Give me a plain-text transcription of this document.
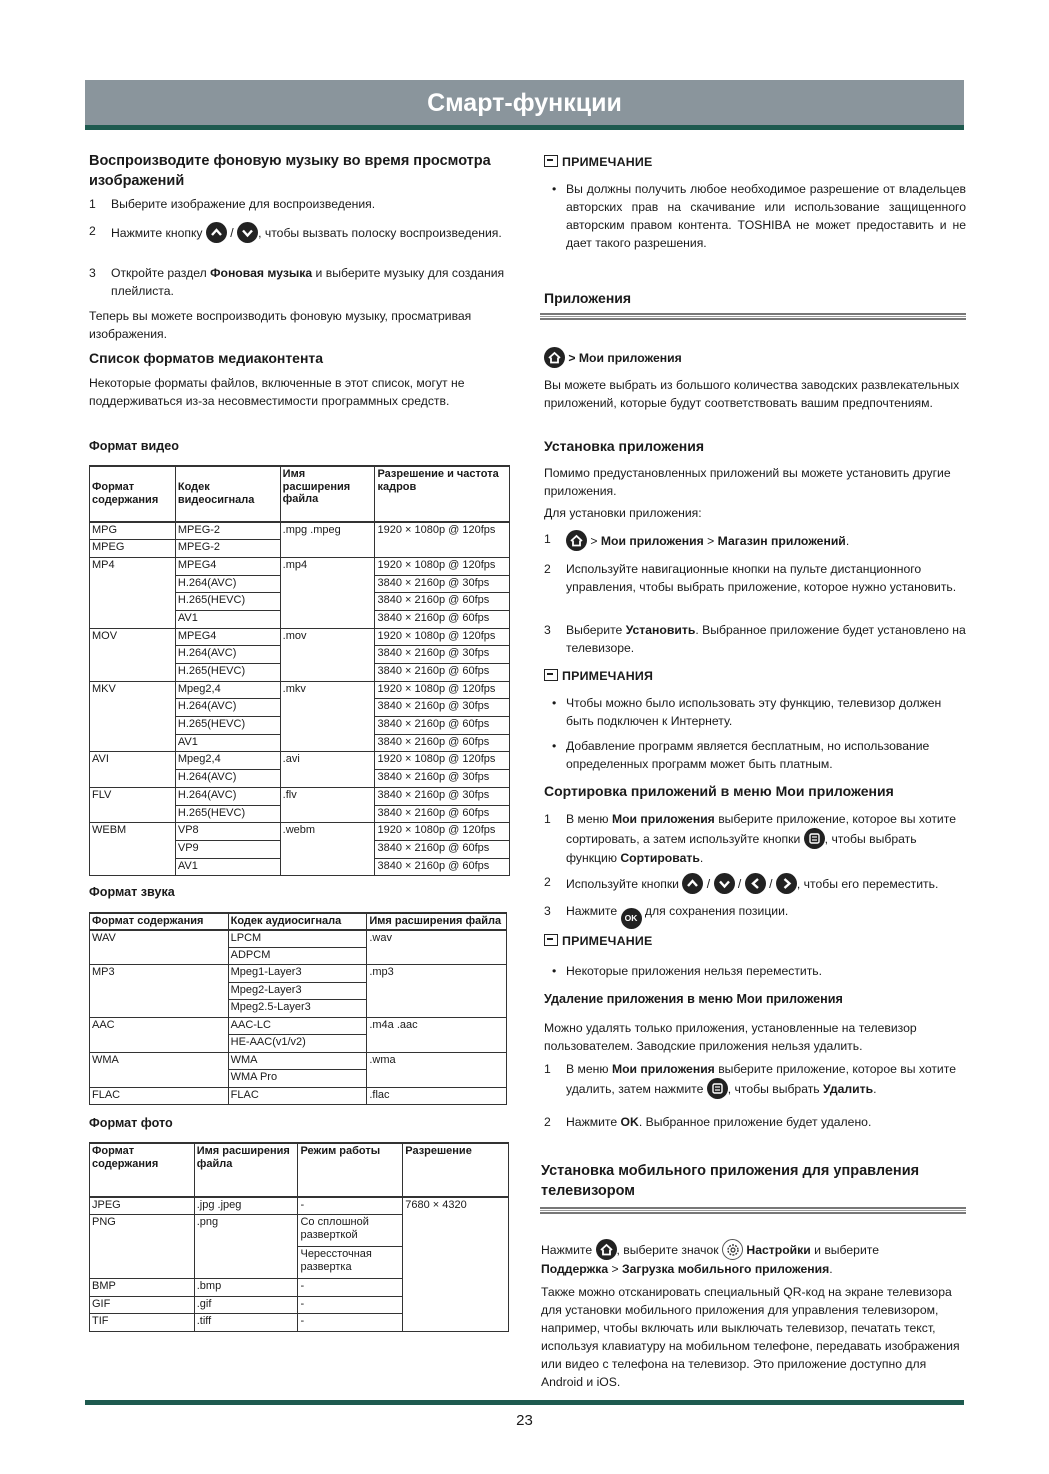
Смарт-функции
Воспроизводите фоновую музыку во время просмотра изображений
1 Выберите изображение для воспроизведения.
2 Нажмите кнопку
/
, чтобы вызвать полоску воспроизведения.
3 Откройте раздел Фоновая музыка и выберите музыку для создания плейлиста.
Теперь вы можете воспроизводить фоновую музыку, просматривая изображения.
Список форматов медиаконтента
Некоторые форматы файлов, включенные в этот список, могут не поддерживаться из-за несовместимости программных средств.
Формат видео
Формат содержания	Кодек видеосигнала	Имя расширения файла	Разрешение и частота кадров
MPG	MPEG-2	.mpg .mpeg	1920 × 1080p @ 120fps
MPEG	MPEG-2		
MP4	MPEG4	.mp4	1920 × 1080p @ 120fps
	H.264(AVC)		3840 × 2160p @ 30fps
	H.265(HEVC)		3840 × 2160p @ 60fps
	AV1		3840 × 2160p @ 60fps
MOV	MPEG4	.mov	1920 × 1080p @ 120fps
	H.264(AVC)		3840 × 2160p @ 30fps
	H.265(HEVC)		3840 × 2160p @ 60fps
MKV	Mpeg2,4	.mkv	1920 × 1080p @ 120fps
	H.264(AVC)		3840 × 2160p @ 30fps
	H.265(HEVC)		3840 × 2160p @ 60fps
	AV1		3840 × 2160p @ 60fps
AVI	Mpeg2,4	.avi	1920 × 1080p @ 120fps
	H.264(AVC)		3840 × 2160p @ 30fps
FLV	H.264(AVC)	.flv	3840 × 2160p @ 30fps
	H.265(HEVC)		3840 × 2160p @ 60fps
WEBM	VP8	.webm	1920 × 1080p @ 120fps
	VP9		3840 × 2160p @ 60fps
	AV1		3840 × 2160p @ 60fps
Формат звука
Формат содержания	Кодек аудиосигнала	Имя расширения файла
WAV	LPCM	.wav
	ADPCM	
MP3	Mpeg1-Layer3	.mp3
	Mpeg2-Layer3	
	Mpeg2.5-Layer3	
AAC	AAC-LC	.m4a .aac
	HE-AAC(v1/v2)	
WMA	WMA	.wma
	WMA Pro	
FLAC	FLAC	.flac
Формат фото
Формат содержания	Имя расширения файла	Режим работы	Разрешение
JPEG	.jpg .jpeg	-	7680 × 4320
PNG	.png	Со сплошной разверткой	
		Черессточная развертка	
BMP	.bmp	-	
GIF	.gif	-	
TIF	.tiff	-	
ПРИМЕЧАНИЕ
• Вы должны получить любое необходимое разрешение от владельцев авторских прав на скачивание или использование защищенного авторским правом контента. TOSHIBA не может предоставить и не дает такого разрешения.
Приложения
> Мои приложения
Вы можете выбрать из большого количества заводских развлекательных приложений, которые будут соответствовать вашим предпочтениям.
Установка приложения
Помимо предустановленных приложений вы можете установить другие приложения.
Для установки приложения:
1	> Мои приложения > Магазин приложений.
2 Используйте навигационные кнопки на пульте дистанционного управления, чтобы выбрать приложение, которое нужно установить.
3 Выберите Установить. Выбранное приложение будет установлено на телевизоре.
ПРИМЕЧАНИЯ
• Чтобы можно было использовать эту функцию, телевизор должен быть подключен к Интернету.
• Добавление программ является бесплатным, но использование определенных программ может быть платным.
Сортировка приложений в меню Мои приложения
1 В меню Мои приложения выберите приложение, которое вы хотите сортировать, а затем используйте кнопки
, чтобы выбрать функцию Сортировать.
2 Используйте кнопки
/
/
/
, чтобы его переместить.
3 Нажмите OK для сохранения позиции.
ПРИМЕЧАНИЕ
• Некоторые приложения нельзя переместить.
Удаление приложения в меню Мои приложения
Можно удалять только приложения, установленные на телевизор пользователем. Заводские приложения нельзя удалить.
1 В меню Мои приложения выберите приложение, которое вы хотите удалить, затем нажмите
, чтобы выбрать Удалить.
2 Нажмите OK. Выбранное приложение будет удалено.
Установка мобильного приложения для управления телевизором
Нажмите
, выберите значок
Настройки и выберите
Поддержка > Загрузка мобильного приложения.
Также можно отсканировать специальный QR-код на экране телевизора для установки мобильного приложения для управления телевизором, например, чтобы включать или выключать телевизор, печатать текст, используя клавиатуру на мобильном телефоне, передавать изображения или видео с телефона на телевизор. Это приложение доступно для Android и iOS.
23
